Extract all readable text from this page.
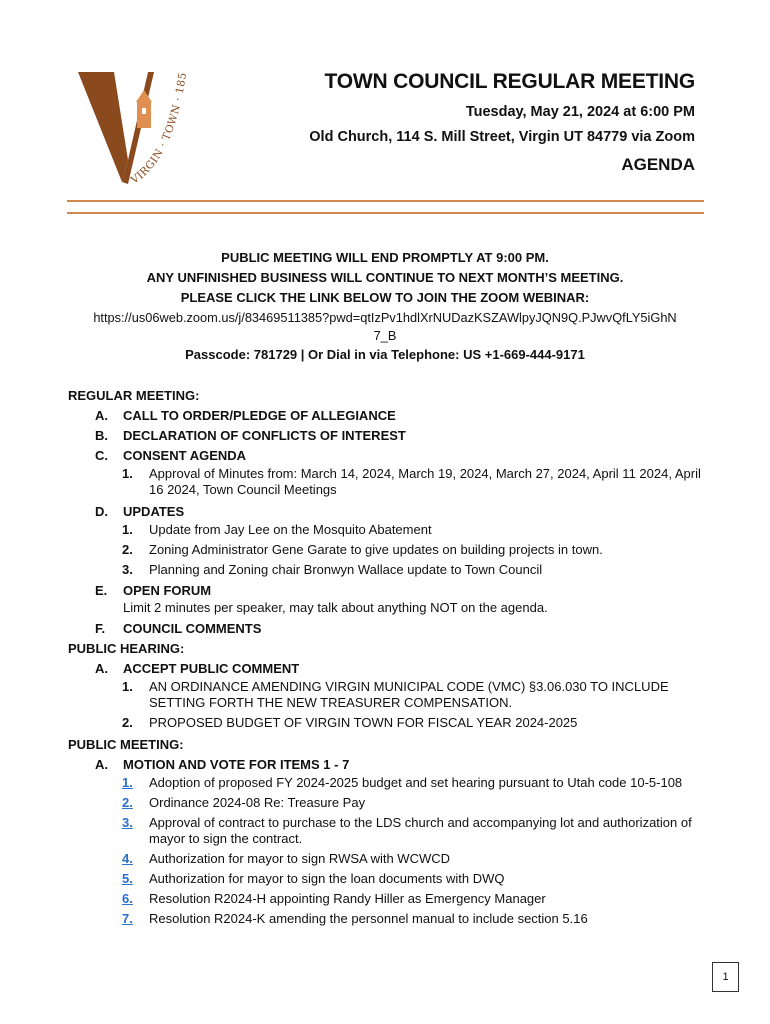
VIRGIN · TOWN · 185	TOWN COUNCIL REGULAR MEETING
Tuesday, May 21, 2024 at 6:00 PM
Old Church, 114 S. Mill Street, Virgin UT 84779 via Zoom
AGENDA
PUBLIC MEETING WILL END PROMPTLY AT 9:00 PM.
ANY UNFINISHED BUSINESS WILL CONTINUE TO NEXT MONTH’S MEETING.
PLEASE CLICK THE LINK BELOW TO JOIN THE ZOOM WEBINAR:
https://us06web.zoom.us/j/83469511385?pwd=qtIzPv1hdlXrNUDazKSZAWlpyJQN9Q.PJwvQfLY5iGhN
7_B
Passcode: 781729 | Or Dial in via Telephone: US +1-669-444-9171
REGULAR MEETING:
A.	CALL TO ORDER/PLEDGE OF ALLEGIANCE
B.	DECLARATION OF CONFLICTS OF INTEREST
C.	CONSENT AGENDA
1.	Approval of Minutes from: March 14, 2024, March 19, 2024, March 27, 2024, April 11 2024, April 16 2024, Town Council Meetings
D.	UPDATES
1.	Update from Jay Lee on the Mosquito Abatement
2.	Zoning Administrator Gene Garate to give updates on building projects in town.
3.	Planning and Zoning chair Bronwyn Wallace update to Town Council
E.	OPEN FORUM
Limit 2 minutes per speaker, may talk about anything NOT on the agenda.
F.	COUNCIL COMMENTS
PUBLIC HEARING:
A.	ACCEPT PUBLIC COMMENT
1.	AN ORDINANCE AMENDING VIRGIN MUNICIPAL CODE (VMC) §3.06.030 TO INCLUDE SETTING FORTH THE NEW TREASURER COMPENSATION.
2.	PROPOSED BUDGET OF VIRGIN TOWN FOR FISCAL YEAR 2024-2025
PUBLIC MEETING:
A.	MOTION AND VOTE FOR ITEMS 1 - 7
1.	Adoption of proposed FY 2024-2025 budget and set hearing pursuant to Utah code 10-5-108
2.	Ordinance 2024-08 Re: Treasure Pay
3.	Approval of contract to purchase to the LDS church and accompanying lot and authorization of mayor to sign the contract.
4.	Authorization for mayor to sign RWSA with WCWCD
5.	Authorization for mayor to sign the loan documents with DWQ
6.	Resolution R2024-H appointing Randy Hiller as Emergency Manager
7.	Resolution R2024-K amending the personnel manual to include section 5.16
1
